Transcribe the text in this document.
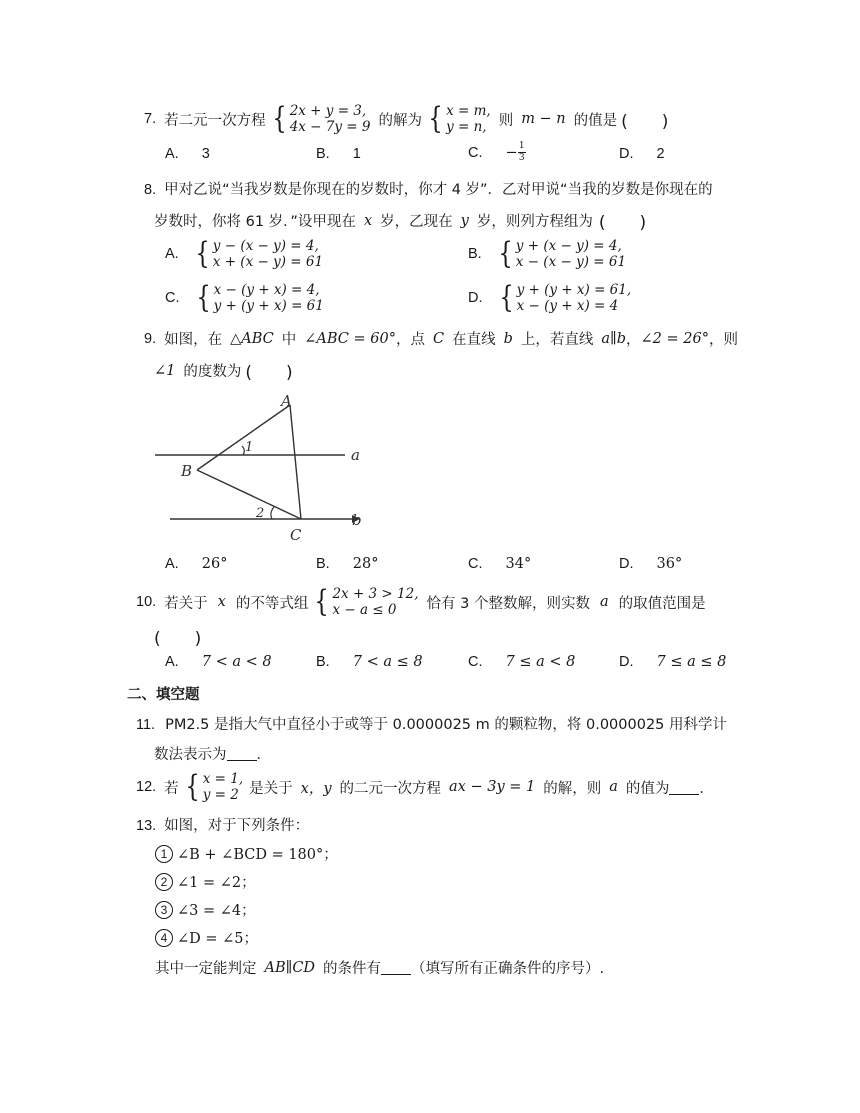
7. 若二元一次方程 { 2x + y = 3,
4x − 7y = 9 的解为 { x = m,
y = n, 则 m − n 的值是 (　　)
A. 3	B. 1	C.
− $\frac{1}{3}$	D. 2
8. 甲对乙说“当我岁数是你现在的岁数时，你才 4 岁”．乙对甲说“当我的岁数是你现在的
岁数时，你将 61 岁．”设甲现在 x 岁，乙现在 y 岁，则列方程组为 (　　)
A. { y − (x − y) = 4,
x + (x − y) = 61	B. { y + (x − y) = 4,
x − (x − y) = 61
C. { x − (y + x) = 4,
y + (y + x) = 61	D. { y + (y + x) = 61,
x − (y + x) = 4
9. 如图，在 △ABC 中 ∠ABC = 60° ，点 C 在直线 b 上，若直线 a∥b ， ∠2 = 26° ，则
∠1 的度数为 (　　)
A
B
C
a
b
1
2
A. 26°	B. 28°	C. 34°	D. 36°
10. 若关于 x 的不等式组 { 2x + 3 > 12,
x − a ≤ 0	恰有 3 个整数解，则实数 a 的取值范围是
(　　)
A. 7 < a < 8	B. 7 < a ≤ 8	C. 7 ≤ a < 8	D. 7 ≤ a ≤ 8
二、填空题
11. PM2.5 是指大气中直径小于或等于 0.0000025 m 的颗粒物，将 0.0000025 用科学计
数法表示为 ．
12. 若 { x = 1,
y = 2 是关于 x，y 的二元一次方程 ax − 3y = 1 的解，则 a 的值为 ．
13. 如图，对于下列条件：
1 ∠B + ∠BCD = 180°；
2 ∠1 = ∠2；
3 ∠3 = ∠4；
4 ∠D = ∠5；
其中一定能判定 AB∥CD 的条件有 （填写所有正确条件的序号）.
